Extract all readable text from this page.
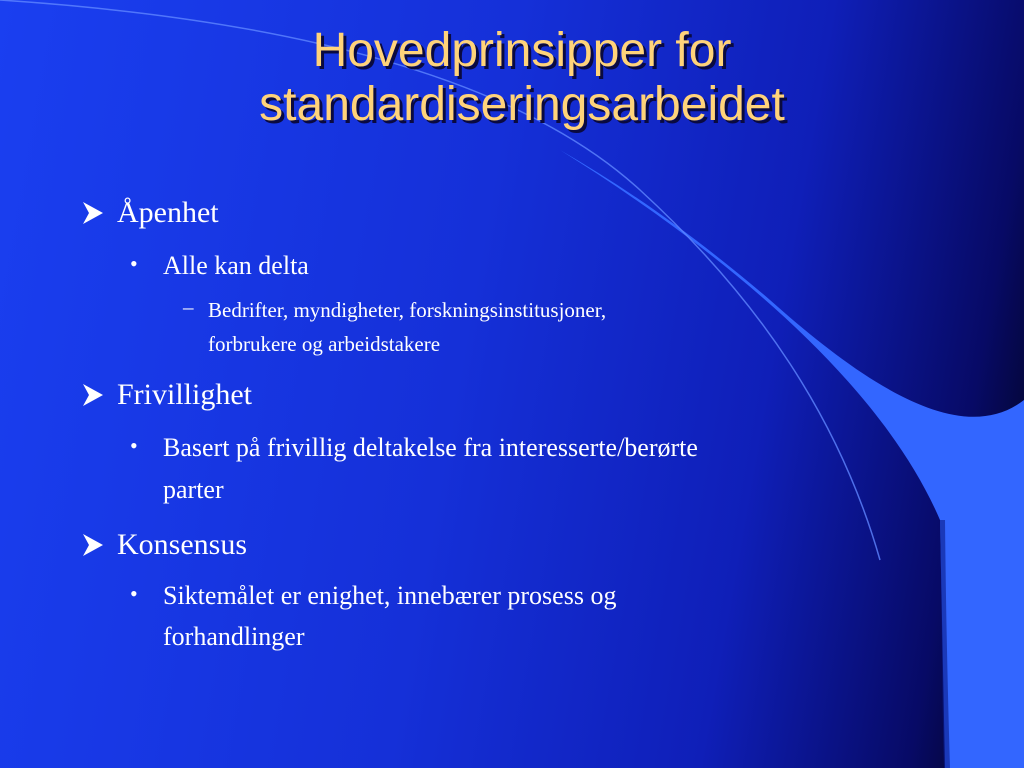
Hovedprinsipper for
standardiseringsarbeidet

Åpenhet

• Alle kan delta

– Bedrifter, myndigheter, forskningsinstitusjoner,

forbrukere og arbeidstakere

Frivillighet

• Basert på frivillig deltakelse fra interesserte/berørte

parter

Konsensus

• Siktemålet er enighet, innebærer prosess og

forhandlinger
